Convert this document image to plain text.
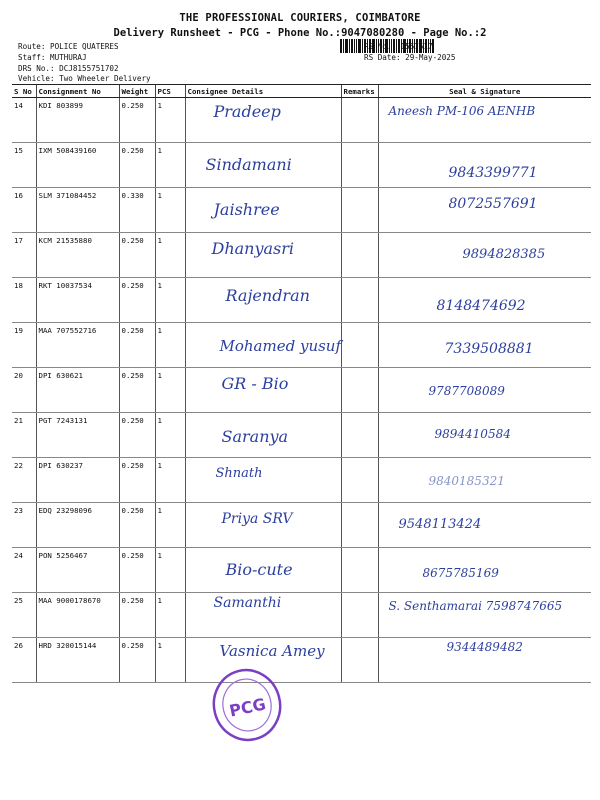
THE PROFESSIONAL COURIERS, COIMBATORE
Delivery Runsheet - PCG - Phone No.:9047080280 - Page No.:2
Route: POLICE QUATERES
Staff: MUTHURAJ
DRS No.: DCJ8155751702
Vehicle: Two Wheeler Delivery
RS No.: 1557517
RS Date: 29-May-2025
S No	Consignment No	Weight	PCS	Consignee Details	Remarks	Seal & Signature
14	KDI 803899	0.250	1	Pradeep		Aneesh PM-106 AENHB

15	IXM 508439160	0.250	1	Sindamani		9843399771

16	SLM 371084452	0.330	1	Jaishree		8072557691

17	KCM 21535880	0.250	1	Dhanyasri		9894828385

18	RKT 10037534	0.250	1	Rajendran		8148474692

19	MAA 707552716	0.250	1	Mohamed yusuf		7339508881

20	DPI 630621	0.250	1	GR - Bio		9787708089

21	PGT 7243131	0.250	1	Saranya		9894410584

22	DPI 630237	0.250	1	Shnath		9840185321

23	EDQ 23298096	0.250	1	Priya SRV		9548113424

24	PON 5256467	0.250	1	Bio-cute		8675785169

25	MAA 9000178670	0.250	1	Samanthi		S. Senthamarai 7598747665

26	HRD 320015144	0.250	1	Vasnica Amey		9344489482
PCG
